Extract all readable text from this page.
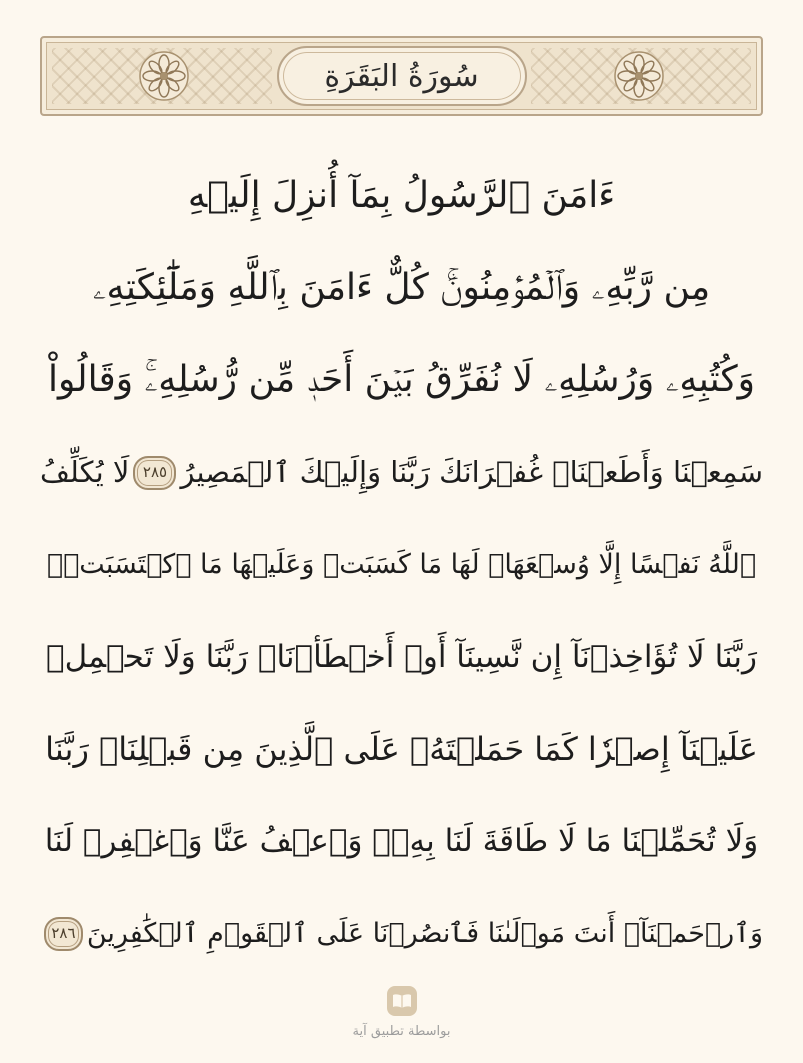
سُورَةُ البَقَرَةِ
ءَامَنَ ٱلرَّسُولُ بِمَآ أُنزِلَ إِلَيۡهِ
مِن رَّبِّهِۦ وَٱلۡمُؤۡمِنُونَۚ كُلٌّ ءَامَنَ بِٱللَّهِ وَمَلَٰٓئِكَتِهِۦ
وَكُتُبِهِۦ وَرُسُلِهِۦ لَا نُفَرِّقُ بَيۡنَ أَحَدٖ مِّن رُّسُلِهِۦۚ وَقَالُواْ
سَمِعۡنَا وَأَطَعۡنَاۖ غُفۡرَانَكَ رَبَّنَا وَإِلَيۡكَ ٱلۡمَصِيرُ
٢٨٥
لَا يُكَلِّفُ
ٱللَّهُ نَفۡسًا إِلَّا وُسۡعَهَاۚ لَهَا مَا كَسَبَتۡ وَعَلَيۡهَا مَا ٱكۡتَسَبَتۡۗ
رَبَّنَا لَا تُؤَاخِذۡنَآ إِن نَّسِينَآ أَوۡ أَخۡطَأۡنَاۚ رَبَّنَا وَلَا تَحۡمِلۡ
عَلَيۡنَآ إِصۡرٗا كَمَا حَمَلۡتَهُۥ عَلَى ٱلَّذِينَ مِن قَبۡلِنَاۚ رَبَّنَا
وَلَا تُحَمِّلۡنَا مَا لَا طَاقَةَ لَنَا بِهِۦۖ وَٱعۡفُ عَنَّا وَٱغۡفِرۡ لَنَا
وَٱرۡحَمۡنَآۚ أَنتَ مَوۡلَىٰنَا فَٱنصُرۡنَا عَلَى ٱلۡقَوۡمِ ٱلۡكَٰفِرِينَ
٢٨٦
بواسطة تطبيق آية
